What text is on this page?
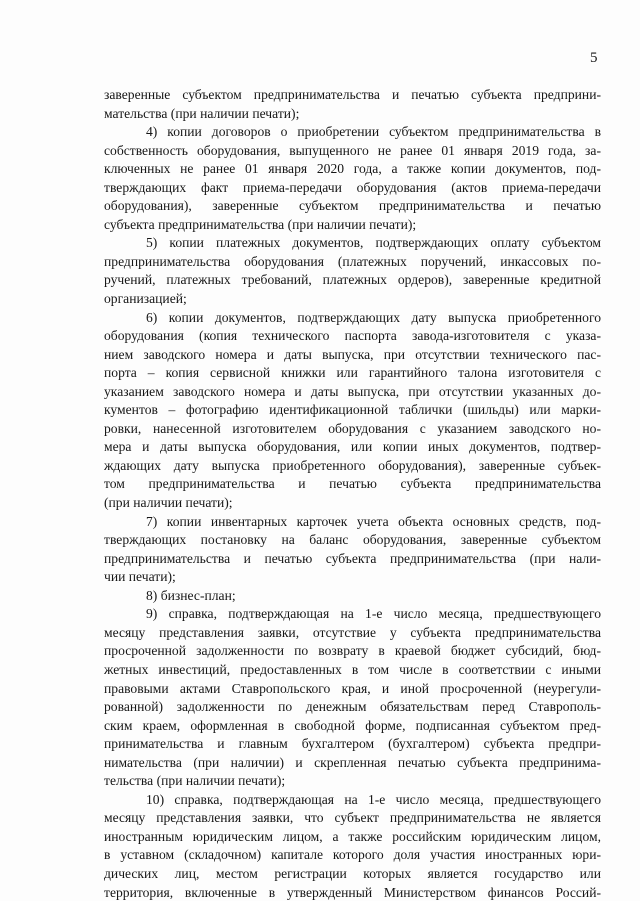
5
заверенные субъектом предпринимательства и печатью субъекта предприни-
мательства (при наличии печати);
4) копии договоров о приобретении субъектом предпринимательства в
собственность оборудования, выпущенного не ранее 01 января 2019 года, за-
ключенных не ранее 01 января 2020 года, а также копии документов, под-
тверждающих факт приема-передачи оборудования (актов приема-передачи
оборудования), заверенные субъектом предпринимательства и печатью
субъекта предпринимательства (при наличии печати);
5) копии платежных документов, подтверждающих оплату субъектом
предпринимательства оборудования (платежных поручений, инкассовых по-
ручений, платежных требований, платежных ордеров), заверенные кредитной
организацией;
6) копии документов, подтверждающих дату выпуска приобретенного
оборудования (копия технического паспорта завода-изготовителя с указа-
нием заводского номера и даты выпуска, при отсутствии технического пас-
порта – копия сервисной книжки или гарантийного талона изготовителя с
указанием заводского номера и даты выпуска, при отсутствии указанных до-
кументов – фотографию идентификационной таблички (шильды) или марки-
ровки, нанесенной изготовителем оборудования с указанием заводского но-
мера и даты выпуска оборудования, или копии иных документов, подтвер-
ждающих дату выпуска приобретенного оборудования), заверенные субъек-
том предпринимательства и печатью субъекта предпринимательства
(при наличии печати);
7) копии инвентарных карточек учета объекта основных средств, под-
тверждающих постановку на баланс оборудования, заверенные субъектом
предпринимательства и печатью субъекта предпринимательства (при нали-
чии печати);
8) бизнес-план;
9) справка, подтверждающая на 1-е число месяца, предшествующего
месяцу представления заявки, отсутствие у субъекта предпринимательства
просроченной задолженности по возврату в краевой бюджет субсидий, бюд-
жетных инвестиций, предоставленных в том числе в соответствии с иными
правовыми актами Ставропольского края, и иной просроченной (неурегули-
рованной) задолженности по денежным обязательствам перед Ставрополь-
ским краем, оформленная в свободной форме, подписанная субъектом пред-
принимательства и главным бухгалтером (бухгалтером) субъекта предпри-
нимательства (при наличии) и скрепленная печатью субъекта предпринима-
тельства (при наличии печати);
10) справка, подтверждающая на 1-е число месяца, предшествующего
месяцу представления заявки, что субъект предпринимательства не является
иностранным юридическим лицом, а также российским юридическим лицом,
в уставном (складочном) капитале которого доля участия иностранных юри-
дических лиц, местом регистрации которых является государство или
территория, включенные в утвержденный Министерством финансов Россий-
